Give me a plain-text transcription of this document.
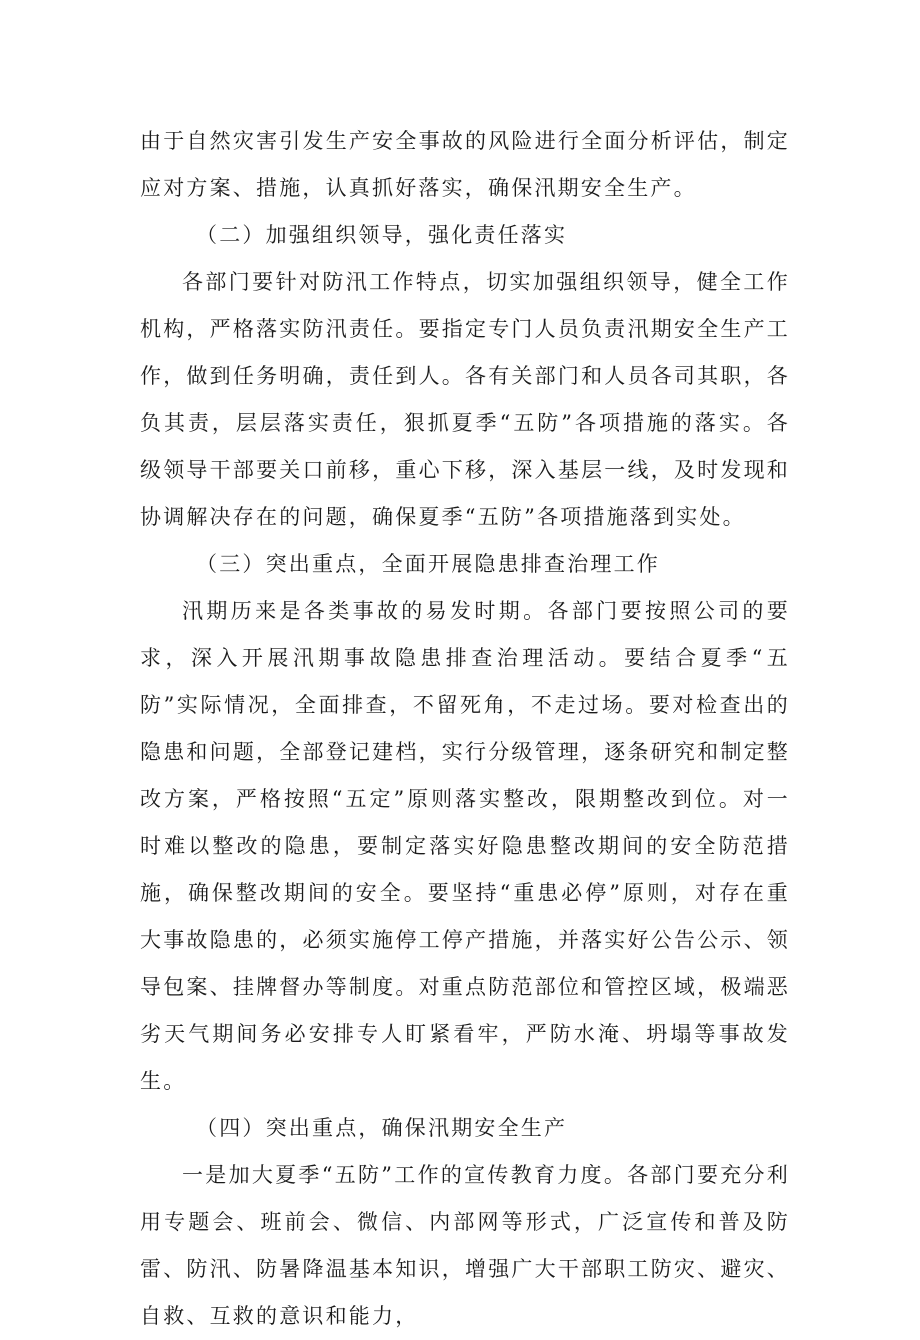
由于自然灾害引发生产安全事故的风险进行全面分析评估，制定应对方案、措施，认真抓好落实，确保汛期安全生产。

（二）加强组织领导，强化责任落实

各部门要针对防汛工作特点，切实加强组织领导，健全工作机构，严格落实防汛责任。要指定专门人员负责汛期安全生产工作，做到任务明确，责任到人。各有关部门和人员各司其职，各负其责，层层落实责任，狠抓夏季“五防”各项措施的落实。各级领导干部要关口前移，重心下移，深入基层一线，及时发现和协调解决存在的问题，确保夏季“五防”各项措施落到实处。

（三）突出重点，全面开展隐患排查治理工作

汛期历来是各类事故的易发时期。各部门要按照公司的要求，深入开展汛期事故隐患排查治理活动。要结合夏季“五防”实际情况，全面排查，不留死角，不走过场。要对检查出的隐患和问题，全部登记建档，实行分级管理，逐条研究和制定整改方案，严格按照“五定”原则落实整改，限期整改到位。对一时难以整改的隐患，要制定落实好隐患整改期间的安全防范措施，确保整改期间的安全。要坚持“重患必停”原则，对存在重大事故隐患的，必须实施停工停产措施，并落实好公告公示、领导包案、挂牌督办等制度。对重点防范部位和管控区域，极端恶劣天气期间务必安排专人盯紧看牢，严防水淹、坍塌等事故发生。

（四）突出重点，确保汛期安全生产

一是加大夏季“五防”工作的宣传教育力度。各部门要充分利用专题会、班前会、微信、内部网等形式，广泛宣传和普及防雷、防汛、防暑降温基本知识，增强广大干部职工防灾、避灾、自救、互救的意识和能力，
